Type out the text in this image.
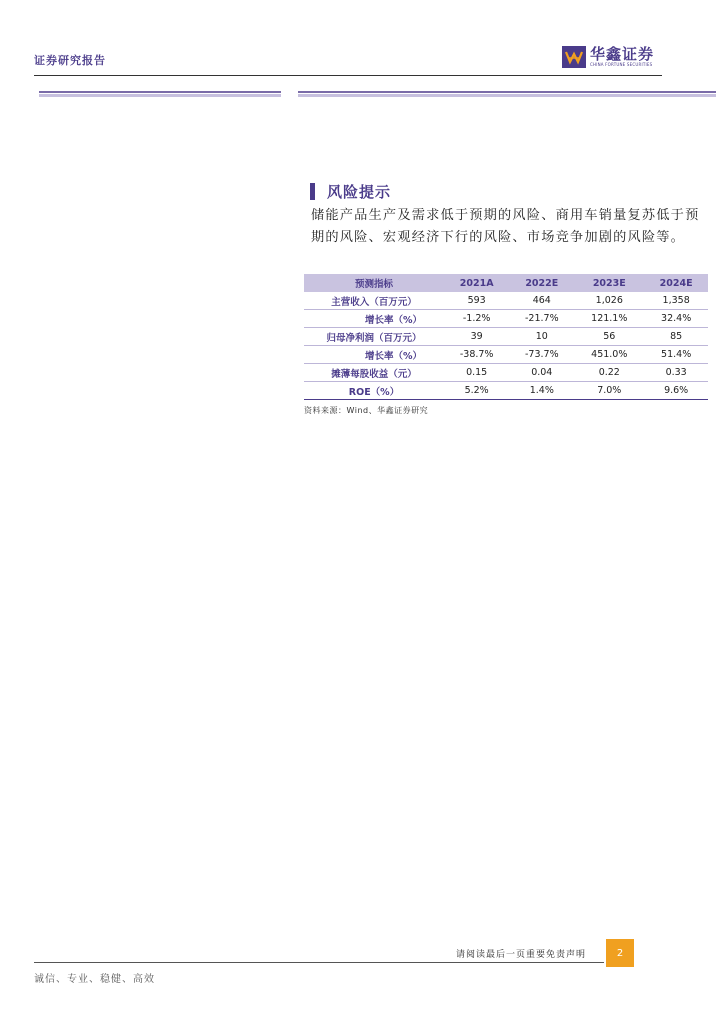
证券研究报告	华鑫证券
CHINA FORTUNE SECURITIES
风险提示
储能产品生产及需求低于预期的风险、商用车销量复苏低于预期的风险、宏观经济下行的风险、市场竞争加剧的风险等。
预测指标	2021A	2022E	2023E	2024E
主营收入（百万元）	593	464	1,026	1,358
增长率（%）	-1.2%	-21.7%	121.1%	32.4%
归母净利润（百万元）	39	10	56	85
增长率（%）	-38.7%	-73.7%	451.0%	51.4%
摊薄每股收益（元）	0.15	0.04	0.22	0.33
ROE（%）	5.2%	1.4%	7.0%	9.6%
资料来源：Wind、华鑫证券研究
请阅读最后一页重要免责声明	2
诚信、专业、稳健、高效
